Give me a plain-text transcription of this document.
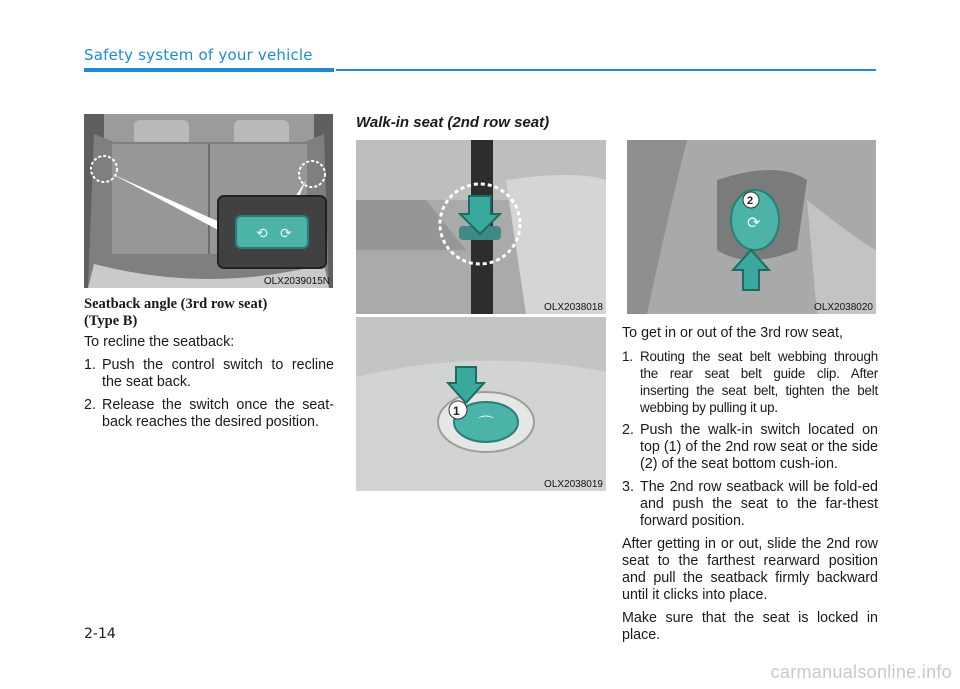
Safety system of your vehicle
⟲ ⟳
OLX2039015N
Seatback angle (3rd row seat)
(Type B)

To recline the seatback:

1. Push the control switch to recline the seat back.
2. Release the switch once the seat-back reaches the desired position.
Walk-in seat (2nd row seat)
OLX2038018
⌒
1
OLX2038019
⟳
2
OLX2038020

To get in or out of the 3rd row seat,

1. Routing the seat belt webbing through the rear seat belt guide clip. After inserting the seat belt, tighten the belt webbing by pulling it up.
2. Push the walk-in switch located on top (1) of the 2nd row seat or the side (2) of the seat bottom cush-ion.
3. The 2nd row seatback will be fold-ed and push the seat to the far-thest forward position.

After getting in or out, slide the 2nd row seat to the farthest rearward position and pull the seatback firmly backward until it clicks into place.

Make sure that the seat is locked in place.

2-14
carmanualsonline.info
